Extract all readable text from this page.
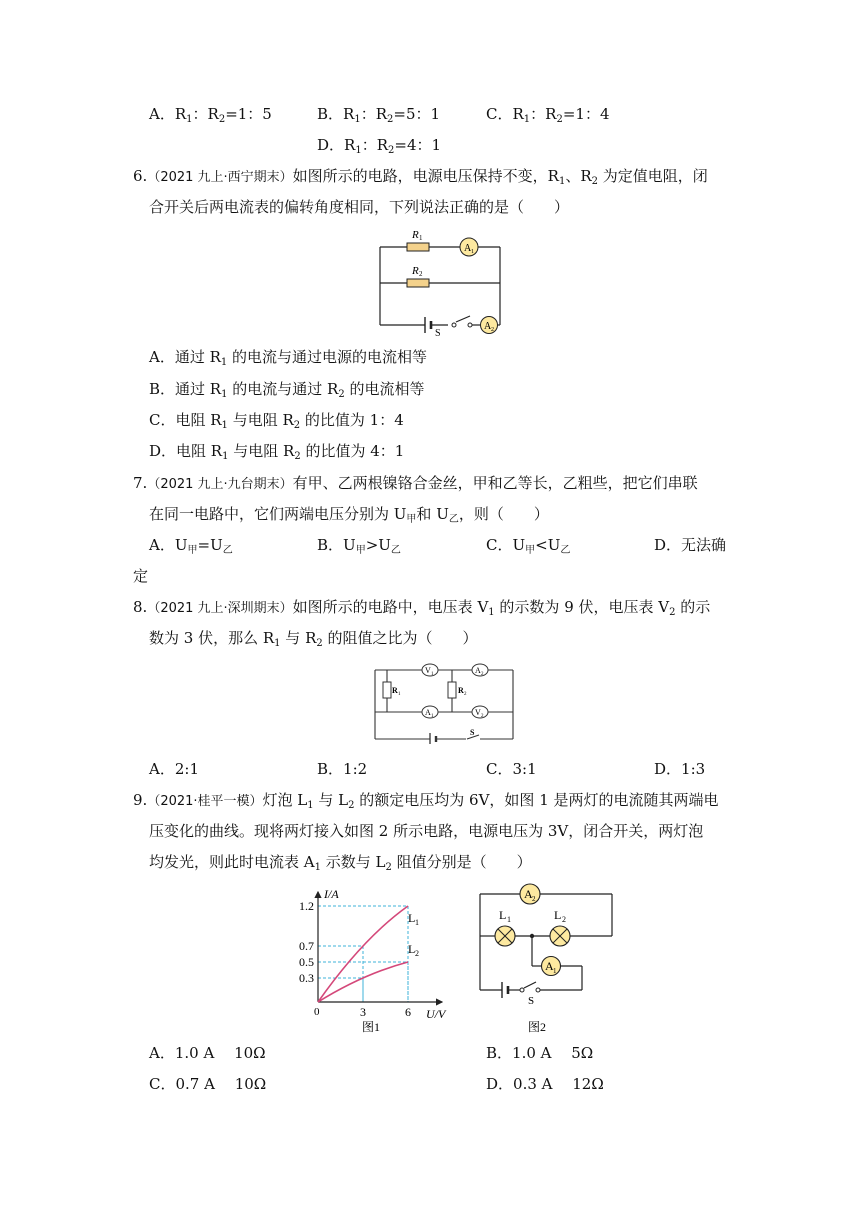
A．$R_1$：$R_2=1$：5	B．$R_1$：$R_2=5$：1	C．$R_1$：$R_2=1$：4
D．$R_1$：$R_2=4$：1
6.（2021 九上·西宁期末）如图所示的电路，电源电压保持不变，$R_1$、$R_2$ 为定值电阻，闭
合开关后两电流表的偏转角度相同，下列说法正确的是（　　）
R 1
R 2
A 1
A 2
S
A．通过 $R_1$ 的电流与通过电源的电流相等
B．通过 $R_1$ 的电流与通过 $R_2$ 的电流相等
C．电阻 $R_1$ 与电阻 $R_2$ 的比值为 1：4
D．电阻 $R_1$ 与电阻 $R_2$ 的比值为 4：1
7.（2021 九上·九台期末）有甲、乙两根镍铬合金丝，甲和乙等长，乙粗些，把它们串联
在同一电路中，它们两端电压分别为 $U_甲$和 $U_乙$，则（　　）
A．$U_甲=U_乙$	B．$U_甲>U_乙$	C．$U_甲<U_乙$	D．无法确
定
8.（2021 九上·深圳期末）如图所示的电路中，电压表 $V_1$ 的示数为 9 伏，电压表 $V_2$ 的示
数为 3 伏，那么 $R_1$ 与 $R_2$ 的阻值之比为（　　）
V 1	A 2
R 1	R 2
A 1	V 2
S
A．2:1	B．1:2	C．3:1	D．1:3
9.（2021·桂平一模）灯泡 $L_1$ 与 $L_2$ 的额定电压均为 6V，如图 1 是两灯的电流随其两端电
压变化的曲线。现将两灯接入如图 2 所示电路，电源电压为 3V，闭合开关，两灯泡
均发光，则此时电流表 $A_1$ 示数与 $L_2$ 阻值分别是（　　）
0.3
0.5
0.7
1.2
3	6
I/A
U/V
0
L 1
L 2
图1
A 2
A 1
L 1	L 2
S
图2
A．1.0 A　 10Ω	B．1.0 A　 5Ω
C．0.7 A　 10Ω	D．0.3 A　 12Ω
